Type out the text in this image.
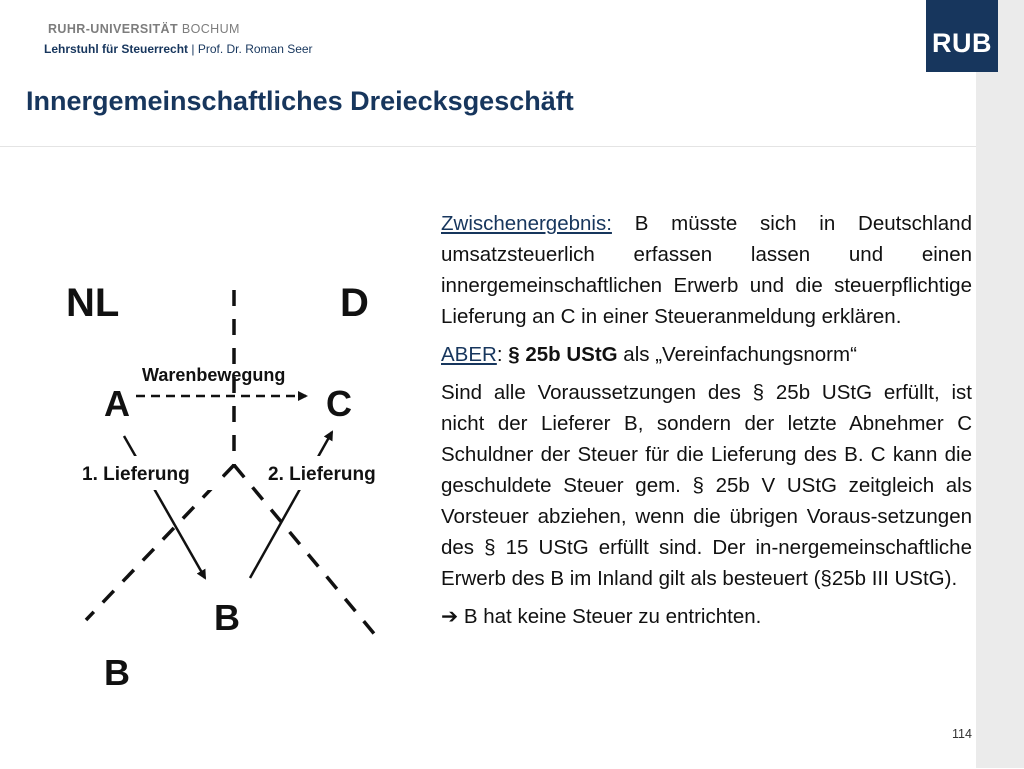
RUHR-UNIVERSITÄT BOCHUM
Lehrstuhl für Steuerrecht | Prof. Dr. Roman Seer
Innergemeinschaftliches Dreiecksgeschäft
RUB
NL	D
A	C
B
B
Warenbewegung
1. Lieferung	2. Lieferung

Zwischenergebnis: B müsste sich in Deutschland umsatzsteuerlich erfassen lassen und einen innergemeinschaftlichen Erwerb und die steuerpflichtige Lieferung an C in einer Steueranmeldung erklären.

ABER: § 25b UStG als „Vereinfachungsnorm“

Sind alle Voraussetzungen des § 25b UStG erfüllt, ist nicht der Lieferer B, sondern der letzte Abnehmer C Schuldner der Steuer für die Lieferung des B. C kann die geschuldete Steuer gem. § 25b V UStG zeitgleich als Vorsteuer abziehen, wenn die übrigen Voraus-setzungen des § 15 UStG erfüllt sind. Der in-nergemeinschaftliche Erwerb des B im Inland gilt als besteuert (§25b III UStG).

➔ B hat keine Steuer zu entrichten.

114
